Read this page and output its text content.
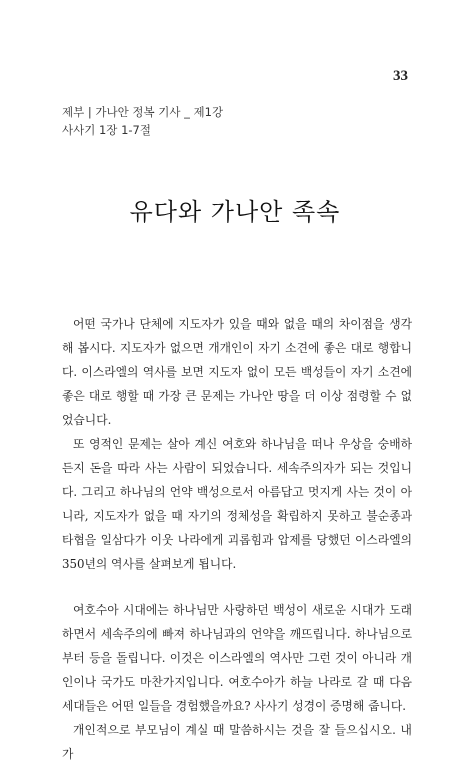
33
제부 | 가나안 정복 기사 _ 제1강
사사기 1장 1-7절
유다와 가나안 족속

어떤 국가나 단체에 지도자가 있을 때와 없을 때의 차이점을 생각해 봅시다. 지도자가 없으면 개개인이 자기 소견에 좋은 대로 행합니다. 이스라엘의 역사를 보면 지도자 없이 모든 백성들이 자기 소견에 좋은 대로 행할 때 가장 큰 문제는 가나안 땅을 더 이상 점령할 수 없었습니다.

또 영적인 문제는 살아 계신 여호와 하나님을 떠나 우상을 숭배하든지 돈을 따라 사는 사람이 되었습니다. 세속주의자가 되는 것입니다. 그리고 하나님의 언약 백성으로서 아름답고 멋지게 사는 것이 아니라, 지도자가 없을 때 자기의 정체성을 확립하지 못하고 불순종과 타협을 일삼다가 이웃 나라에게 괴롭힘과 압제를 당했던 이스라엘의 350년의 역사를 살펴보게 됩니다.

여호수아 시대에는 하나님만 사랑하던 백성이 새로운 시대가 도래하면서 세속주의에 빠져 하나님과의 언약을 깨뜨립니다. 하나님으로부터 등을 돌립니다. 이것은 이스라엘의 역사만 그런 것이 아니라 개인이나 국가도 마찬가지입니다. 여호수아가 하늘 나라로 갈 때 다음 세대들은 어떤 일들을 경험했을까요? 사사기 성경이 증명해 줍니다.

개인적으로 부모님이 계실 때 말씀하시는 것을 잘 들으십시오. 내가
